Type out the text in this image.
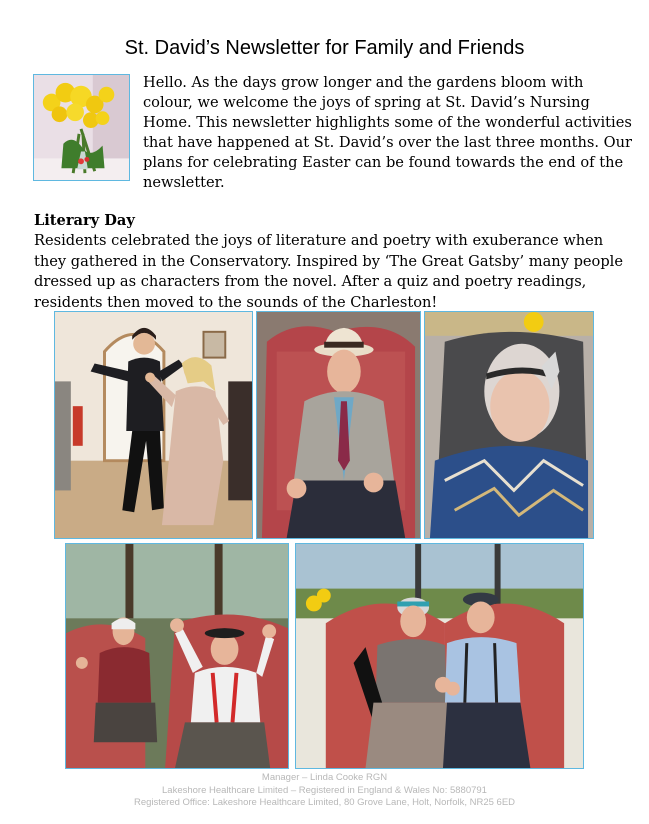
St. David’s Newsletter for Family and Friends
Hello. As the days grow longer and the gardens bloom with colour, we welcome the joys of spring at St. David’s Nursing Home. This newsletter highlights some of the wonderful activities that have happened at St. David’s over the last three months. Our plans for celebrating Easter can be found towards the end of the newsletter.
Literary Day
Residents celebrated the joys of literature and poetry with exuberance when they gathered in the Conservatory. Inspired by ‘The Great Gatsby’ many people dressed up as characters from the novel. After a quiz and poetry readings, residents then moved to the sounds of the Charleston!
Manager – Linda Cooke RGN
Lakeshore Healthcare Limited – Registered in England & Wales No: 5880791
Registered Office: Lakeshore Healthcare Limited, 80 Grove Lane, Holt, Norfolk, NR25 6ED
